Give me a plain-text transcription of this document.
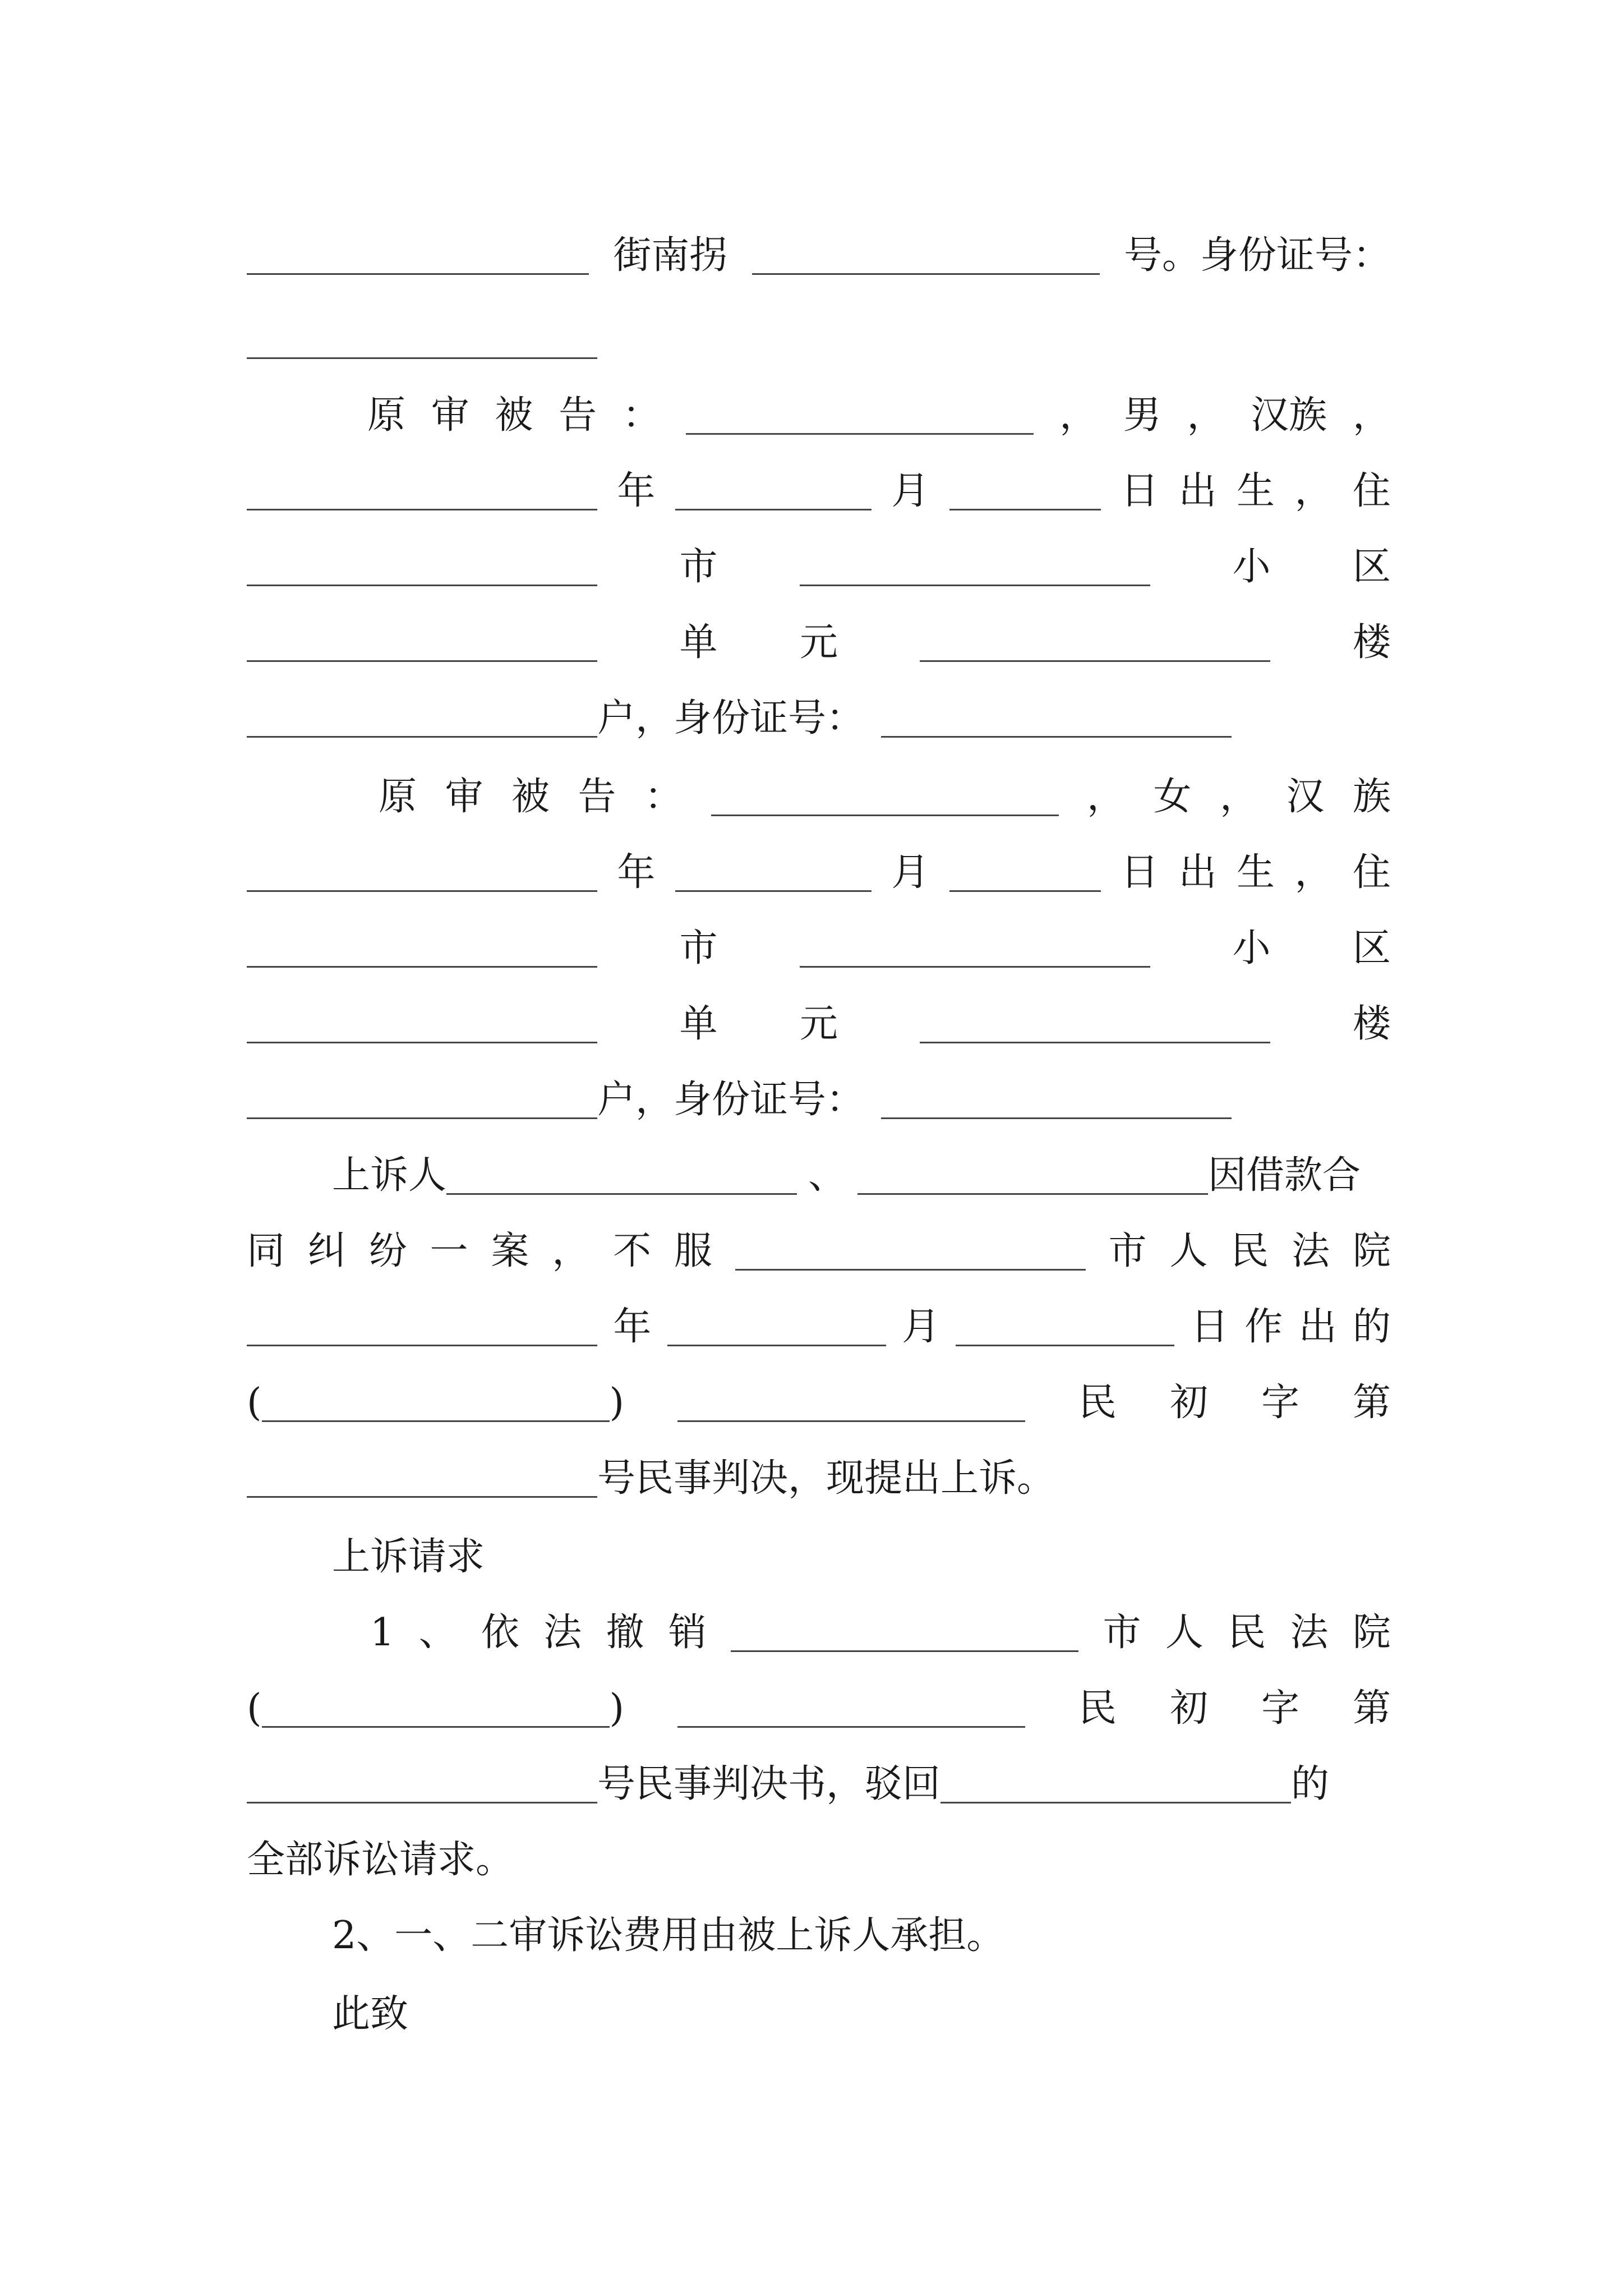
街南拐	号。身份证号：
原 审 被 告 ：	， 男 ， 汉族 ，
年	月	日 出 生 ， 住
市	小 区
单 元	楼
户，身份证号：
原 审 被 告 ：	， 女 ， 汉 族
年	月	日 出 生 ， 住
市	小 区
单 元	楼
户，身份证号：
上诉人	、	因借款合
同 纠 纷 一 案 ， 不 服	市 人 民 法 院
年	月	日 作 出 的
(	)	民 初 字 第
号民事判决，现提出上诉。
上诉请求
1 、 依 法 撤 销	市 人 民 法 院
(	)	民 初 字 第
号民事判决书，驳回	的
全部诉讼请求。
2、一、二审诉讼费用由被上诉人承担。
此致
